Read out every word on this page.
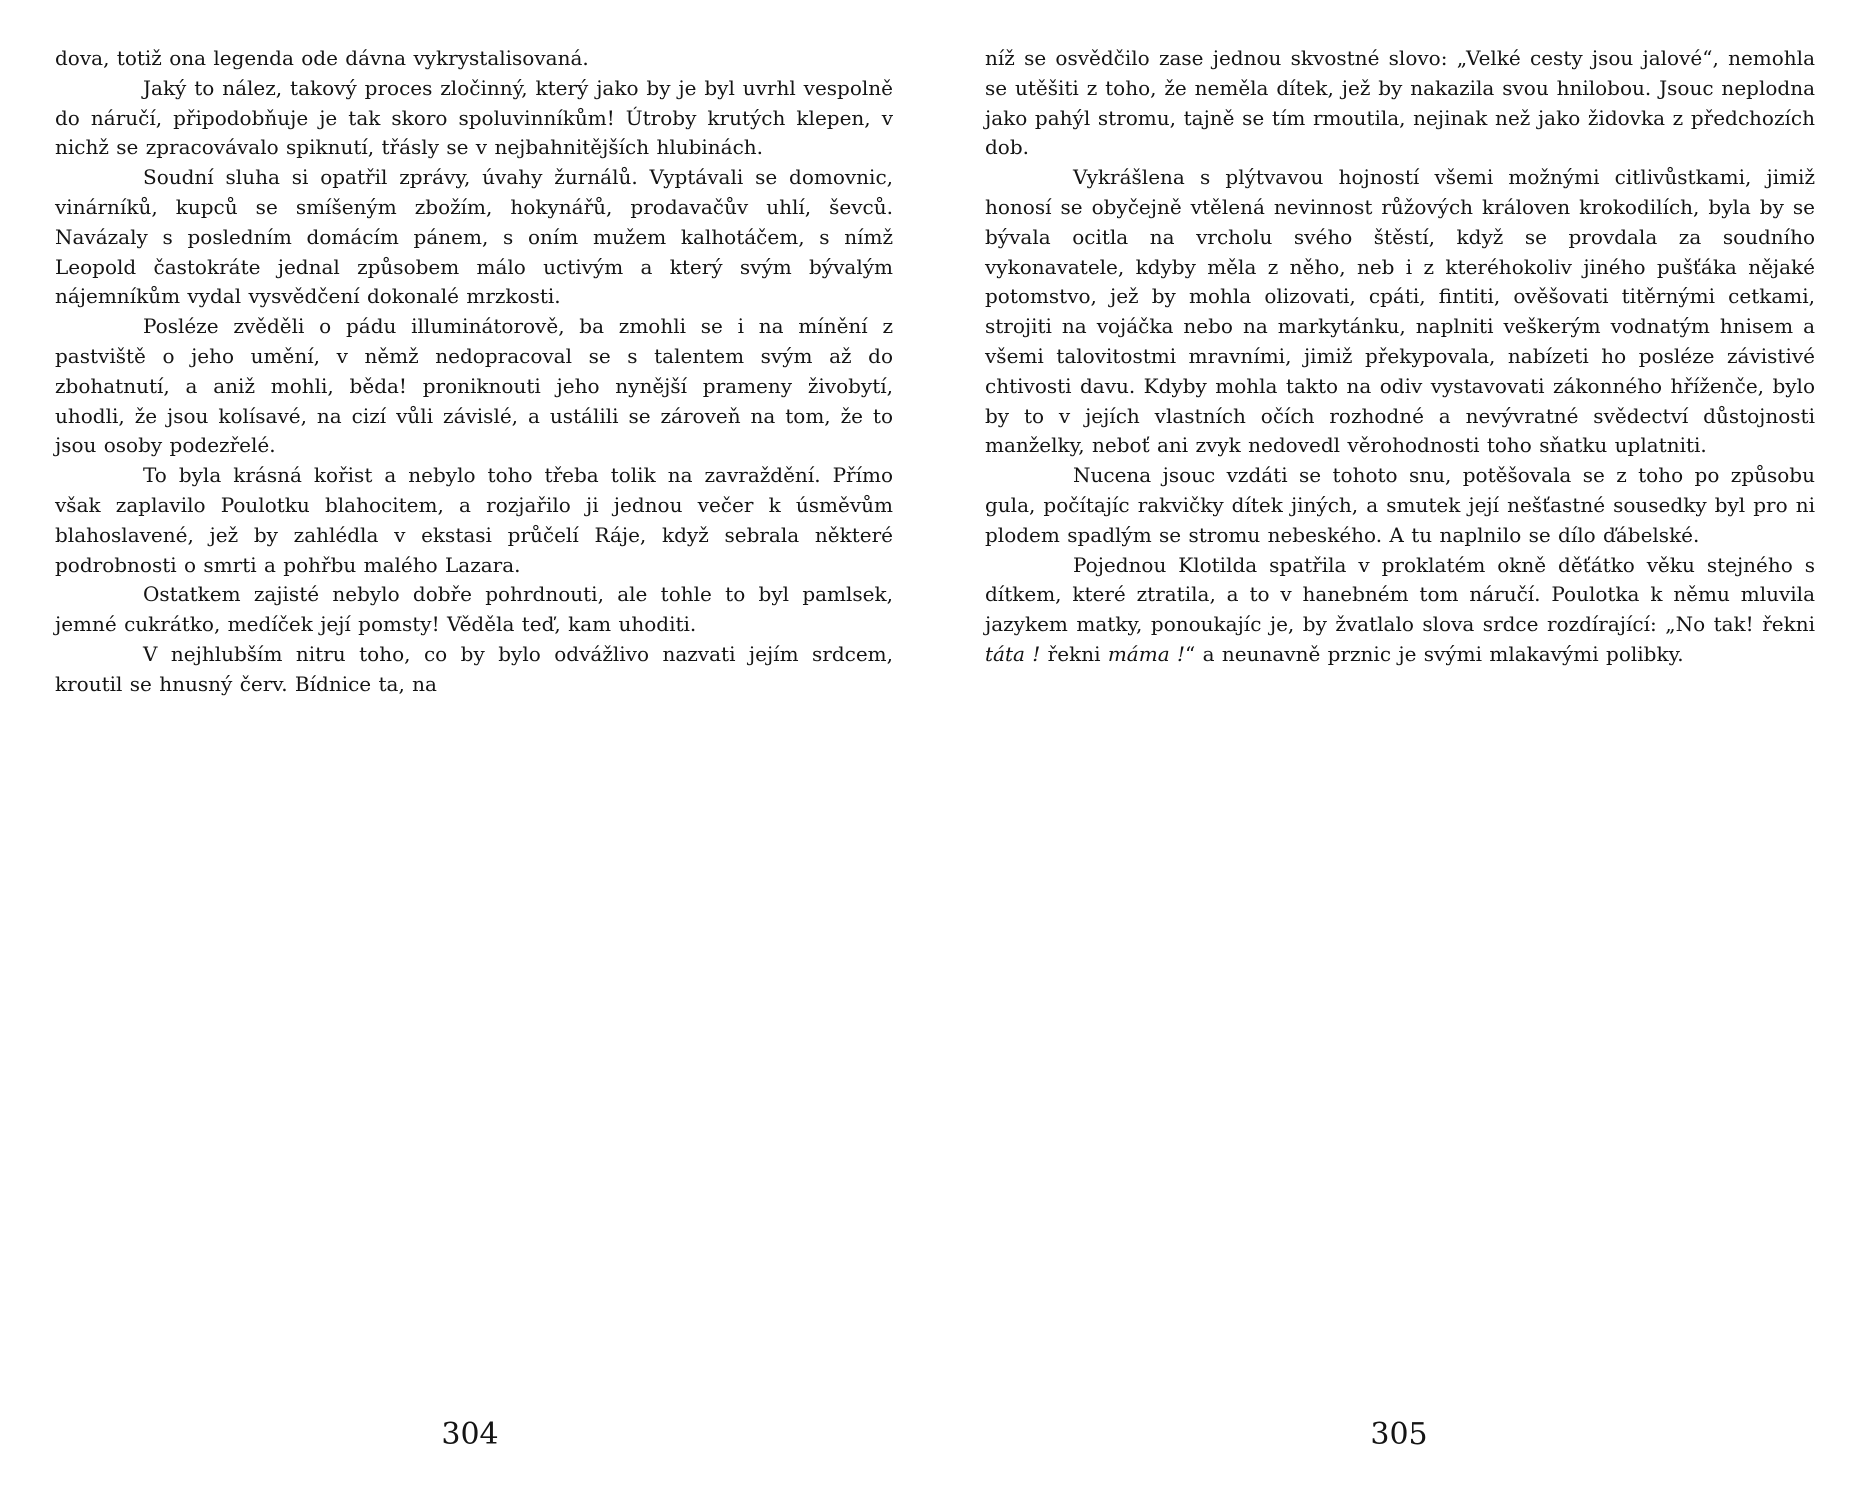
dova, totiž ona legenda ode dávna vykrystalisovaná.

Jaký to nález, takový proces zločinný, který jako by je byl uvrhl vespolně do náručí, připodobňuje je tak skoro spoluvinníkům! Útroby krutých klepen, v nichž se zpracovávalo spiknutí, třásly se v nejbahnitějších hlubinách.

Soudní sluha si opatřil zprávy, úvahy žurnálů. Vyptávali se domovnic, vinárníků, kupců se smíšeným zbožím, hokynářů, prodavačův uhlí, ševců. Navázaly s posledním domácím pánem, s oním mužem kalhotáčem, s nímž Leopold častokráte jednal způsobem málo uctivým a který svým bývalým nájemníkům vydal vysvědčení dokonalé mrzkosti.

Posléze zvěděli o pádu illuminátorově, ba zmohli se i na mínění z pastviště o jeho umění, v němž nedopracoval se s talentem svým až do zbohatnutí, a aniž mohli, běda! proniknouti jeho nynější prameny živobytí, uhodli, že jsou kolísavé, na cizí vůli závislé, a ustálili se zároveň na tom, že to jsou osoby podezřelé.

To byla krásná kořist a nebylo toho třeba tolik na zavraždění. Přímo však zaplavilo Poulotku blahocitem, a rozjařilo ji jednou večer k úsměvům blahoslavené, jež by zahlédla v ekstasi průčelí Ráje, když sebrala některé podrobnosti o smrti a pohřbu malého Lazara.

Ostatkem zajisté nebylo dobře pohrdnouti, ale tohle to byl pamlsek, jemné cukrátko, medíček její pomsty! Věděla teď, kam uhoditi.

V nejhlubším nitru toho, co by bylo odvážlivo nazvati jejím srdcem, kroutil se hnusný červ. Bídnice ta, na

304

níž se osvědčilo zase jednou skvostné slovo: „Velké cesty jsou jalové“, nemohla se utěšiti z toho, že neměla dítek, jež by nakazila svou hnilobou. Jsouc neplodna jako pahýl stromu, tajně se tím rmoutila, nejinak než jako židovka z předchozích dob.

Vykrášlena s plýtvavou hojností všemi možnými citlivůstkami, jimiž honosí se obyčejně vtělená nevinnost růžových královen krokodilích, byla by se bývala ocitla na vrcholu svého štěstí, když se provdala za soudního vykonavatele, kdyby měla z něho, neb i z kteréhokoliv jiného pušťáka nějaké potomstvo, jež by mohla olizovati, cpáti, fintiti, ověšovati titěrnými cetkami, strojiti na vojáčka nebo na markytánku, naplniti veškerým vodnatým hnisem a všemi talovitostmi mravními, jimiž překypovala, nabízeti ho posléze závistivé chtivosti davu. Kdyby mohla takto na odiv vystavovati zákonného hříženče, bylo by to v jejích vlastních očích rozhodné a nevývratné svědectví důstojnosti manželky, neboť ani zvyk nedovedl věrohodnosti toho sňatku uplatniti.

Nucena jsouc vzdáti se tohoto snu, potěšovala se z toho po způsobu gula, počítajíc rakvičky dítek jiných, a smutek její nešťastné sousedky byl pro ni plodem spadlým se stromu nebeského. A tu naplnilo se dílo ďábelské.

Pojednou Klotilda spatřila v proklatém okně děťátko věku stejného s dítkem, které ztratila, a to v hanebném tom náručí. Poulotka k němu mluvila jazykem matky, ponoukajíc je, by žvatlalo slova srdce rozdírající: „No tak! řekni táta ! řekni máma !“ a neunavně prznic je svými mlakavými polibky.

305
